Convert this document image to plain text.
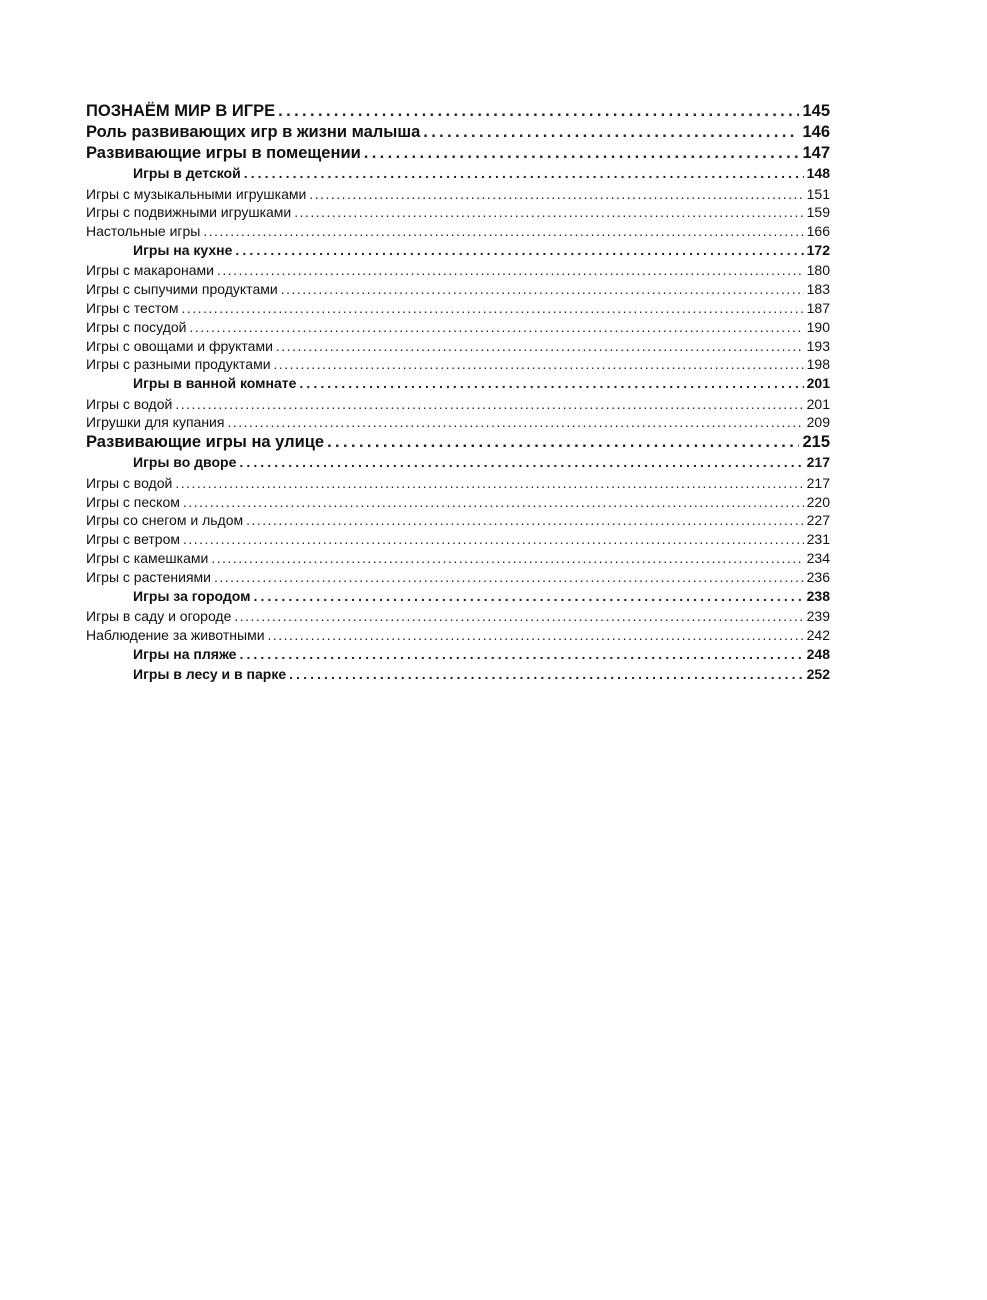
ПОЗНАЁМ МИР В ИГРЕ . . .	145
Роль развивающих игр в жизни малыша . . .	146
Развивающие игры в помещении . . .	147
Игры в детской . . .	148
Игры с музыкальными игрушками . . .	151
Игры с подвижными игрушками . . .	159
Настольные игры . . .	166
Игры на кухне . . .	172
Игры с макаронами . . .	180
Игры с сыпучими продуктами . . .	183
Игры с тестом . . .	187
Игры с посудой . . .	190
Игры с овощами и фруктами . . .	193
Игры с разными продуктами . . .	198
Игры в ванной комнате . . .	201
Игры с водой . . .	201
Игрушки для купания . . .	209
Развивающие игры на улице . . .	215
Игры во дворе . . .	217
Игры с водой . . .	217
Игры с песком . . .	220
Игры со снегом и льдом . . .	227
Игры с ветром . . .	231
Игры с камешками . . .	234
Игры с растениями . . .	236
Игры за городом . . .	238
Игры в саду и огороде . . .	239
Наблюдение за животными . . .	242
Игры на пляже . . .	248
Игры в лесу и в парке . . .	252
